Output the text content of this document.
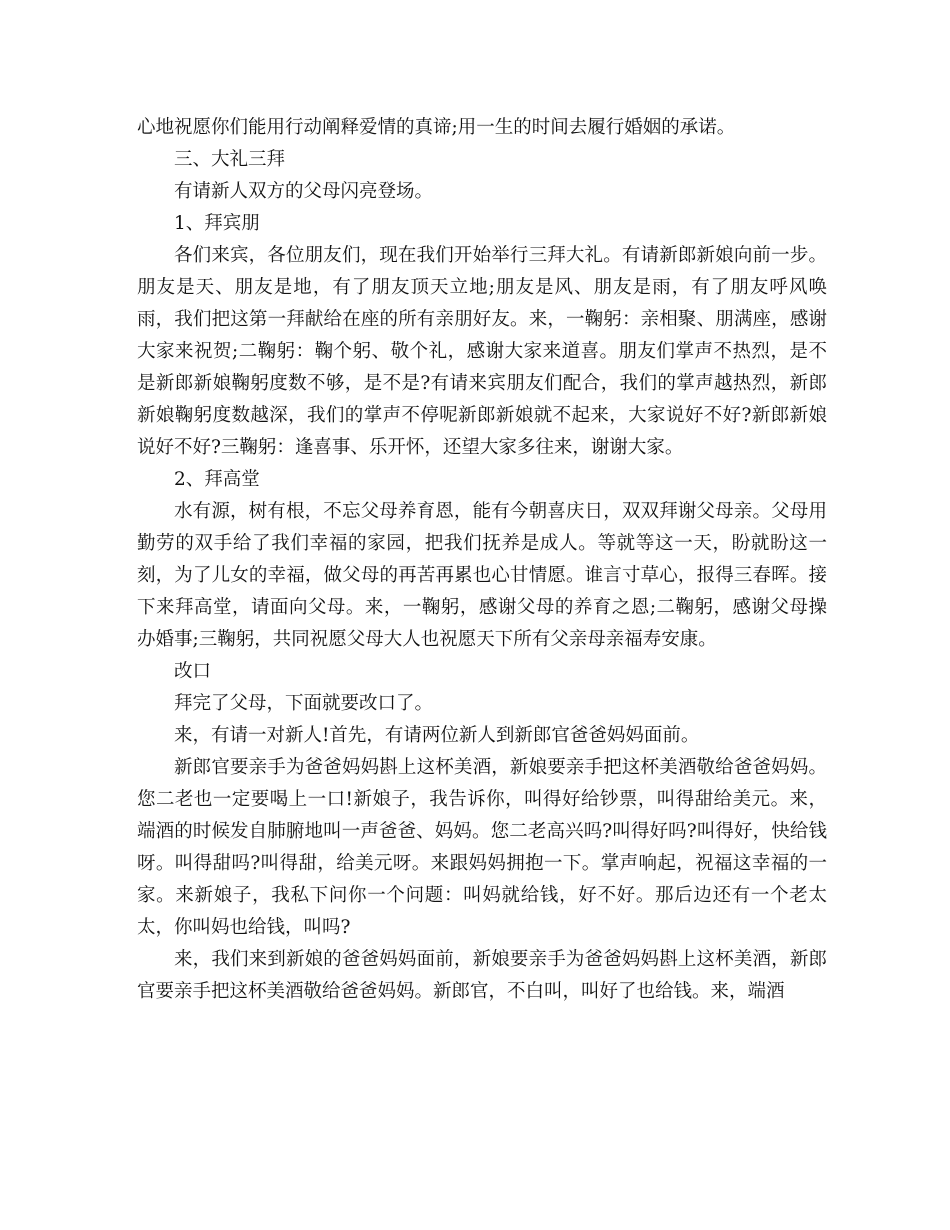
心地祝愿你们能用行动阐释爱情的真谛;用一生的时间去履行婚姻的承诺。

三、大礼三拜

有请新人双方的父母闪亮登场。

1、拜宾朋

各们来宾，各位朋友们，现在我们开始举行三拜大礼。有请新郎新娘向前一步。朋友是天、朋友是地，有了朋友顶天立地;朋友是风、朋友是雨，有了朋友呼风唤雨，我们把这第一拜献给在座的所有亲朋好友。来，一鞠躬：亲相聚、朋满座，感谢大家来祝贺;二鞠躬：鞠个躬、敬个礼，感谢大家来道喜。朋友们掌声不热烈，是不是新郎新娘鞠躬度数不够，是不是?有请来宾朋友们配合，我们的掌声越热烈，新郎新娘鞠躬度数越深，我们的掌声不停呢新郎新娘就不起来，大家说好不好?新郎新娘说好不好?三鞠躬：逢喜事、乐开怀，还望大家多往来，谢谢大家。

2、拜高堂

水有源，树有根，不忘父母养育恩，能有今朝喜庆日，双双拜谢父母亲。父母用勤劳的双手给了我们幸福的家园，把我们抚养是成人。等就等这一天，盼就盼这一刻，为了儿女的幸福，做父母的再苦再累也心甘情愿。谁言寸草心，报得三春晖。接下来拜高堂，请面向父母。来，一鞠躬，感谢父母的养育之恩;二鞠躬，感谢父母操办婚事;三鞠躬，共同祝愿父母大人也祝愿天下所有父亲母亲福寿安康。

改口

拜完了父母，下面就要改口了。

来，有请一对新人!首先，有请两位新人到新郎官爸爸妈妈面前。

新郎官要亲手为爸爸妈妈斟上这杯美酒，新娘要亲手把这杯美酒敬给爸爸妈妈。您二老也一定要喝上一口!新娘子，我告诉你，叫得好给钞票，叫得甜给美元。来，端酒的时候发自肺腑地叫一声爸爸、妈妈。您二老高兴吗?叫得好吗?叫得好，快给钱呀。叫得甜吗?叫得甜，给美元呀。来跟妈妈拥抱一下。掌声响起，祝福这幸福的一家。来新娘子，我私下问你一个问题：叫妈就给钱，好不好。那后边还有一个老太太，你叫妈也给钱，叫吗?

来，我们来到新娘的爸爸妈妈面前，新娘要亲手为爸爸妈妈斟上这杯美酒，新郎官要亲手把这杯美酒敬给爸爸妈妈。新郎官，不白叫，叫好了也给钱。来，端酒
